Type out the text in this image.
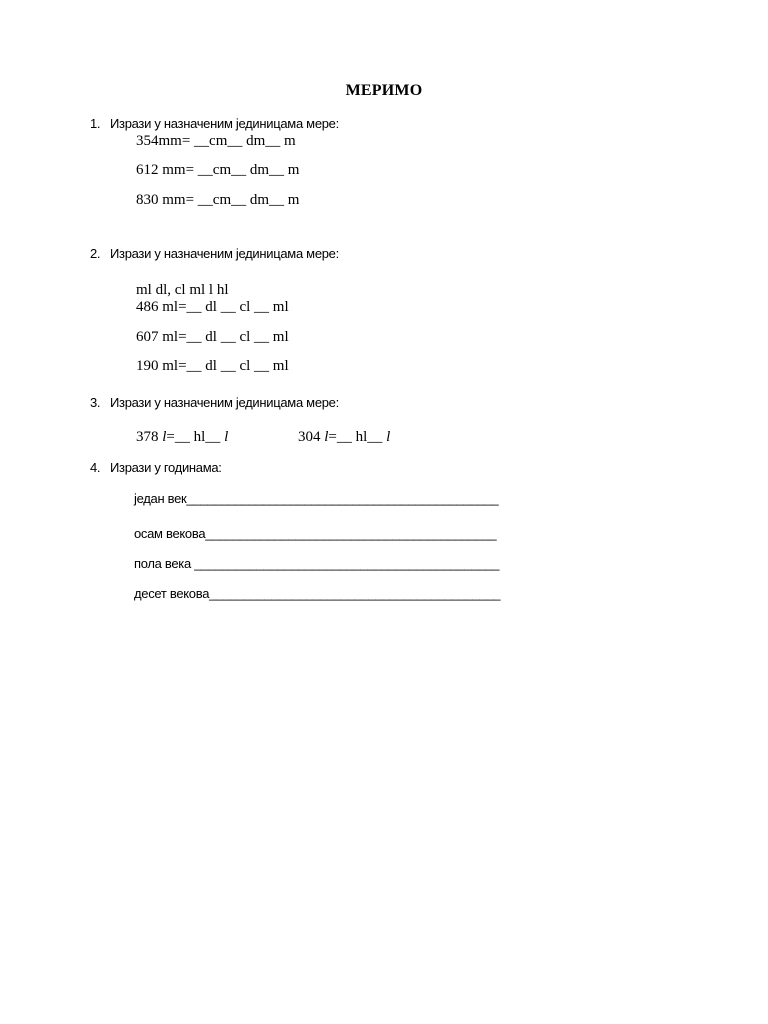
МЕРИМО
1. Изрази у назначеним јединицама мере:
354mm= __cm__ dm__ m
612 mm= __cm__ dm__ m
830 mm= __cm__ dm__ m
2. Изрази у назначеним јединицама мере:
ml dl, cl ml l hl
486 ml=__ dl __ cl __ ml
607 ml=__ dl __ cl __ ml
190 ml=__ dl __ cl __ ml
3. Изрази у назначеним јединицама мере:
378 l=__ hl__ l	304 l=__ hl__ l
4. Изрази у годинама:
један век_____________________________________________
осам векова__________________________________________
пола века ____________________________________________
десет векова__________________________________________
